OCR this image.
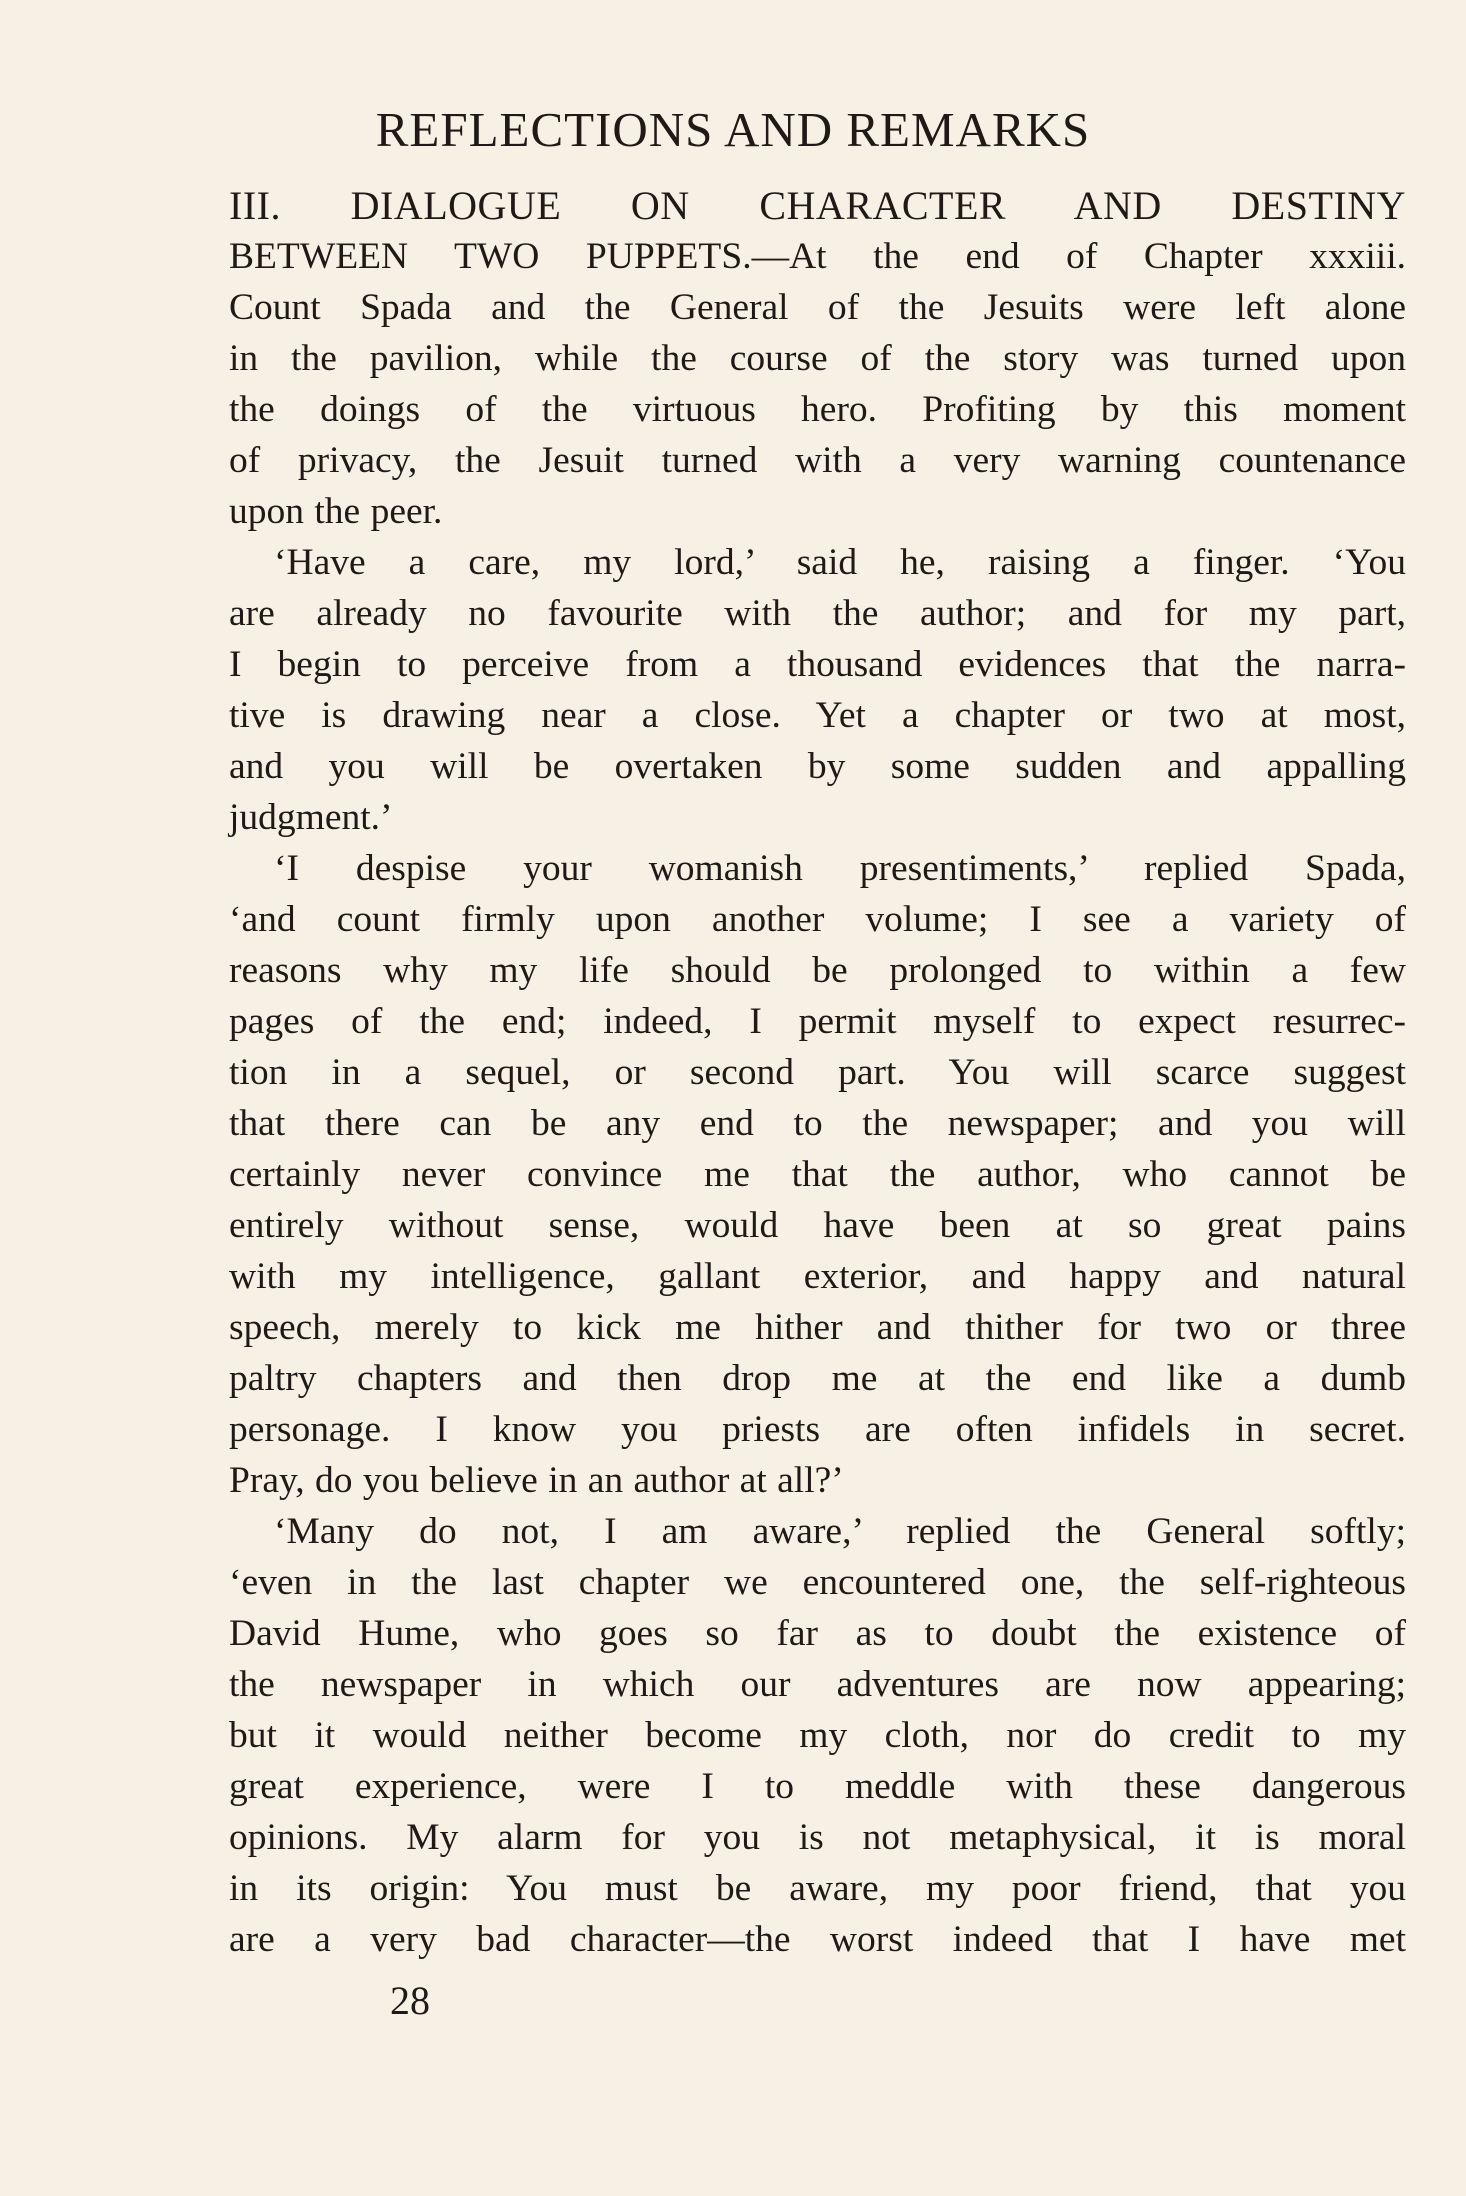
REFLECTIONS AND REMARKS

III. DIALOGUE ON CHARACTER AND DESTINY
BETWEEN TWO PUPPETS.—At the end of Chapter xxxiii.
Count Spada and the General of the Jesuits were left alone
in the pavilion, while the course of the story was turned upon
the doings of the virtuous hero. Profiting by this moment
of privacy, the Jesuit turned with a very warning countenance
upon the peer.

‘Have a care, my lord,’ said he, raising a finger. ‘You
are already no favourite with the author; and for my part,
I begin to perceive from a thousand evidences that the narra-
tive is drawing near a close. Yet a chapter or two at most,
and you will be overtaken by some sudden and appalling
judgment.’

‘I despise your womanish presentiments,’ replied Spada,
‘and count firmly upon another volume; I see a variety of
reasons why my life should be prolonged to within a few
pages of the end; indeed, I permit myself to expect resurrec-
tion in a sequel, or second part. You will scarce suggest
that there can be any end to the newspaper; and you will
certainly never convince me that the author, who cannot be
entirely without sense, would have been at so great pains
with my intelligence, gallant exterior, and happy and natural
speech, merely to kick me hither and thither for two or three
paltry chapters and then drop me at the end like a dumb
personage. I know you priests are often infidels in secret.
Pray, do you believe in an author at all?’

‘Many do not, I am aware,’ replied the General softly;
‘even in the last chapter we encountered one, the self-righteous
David Hume, who goes so far as to doubt the existence of
the newspaper in which our adventures are now appearing;
but it would neither become my cloth, nor do credit to my
great experience, were I to meddle with these dangerous
opinions. My alarm for you is not metaphysical, it is moral
in its origin: You must be aware, my poor friend, that you
are a very bad character—the worst indeed that I have met

28
